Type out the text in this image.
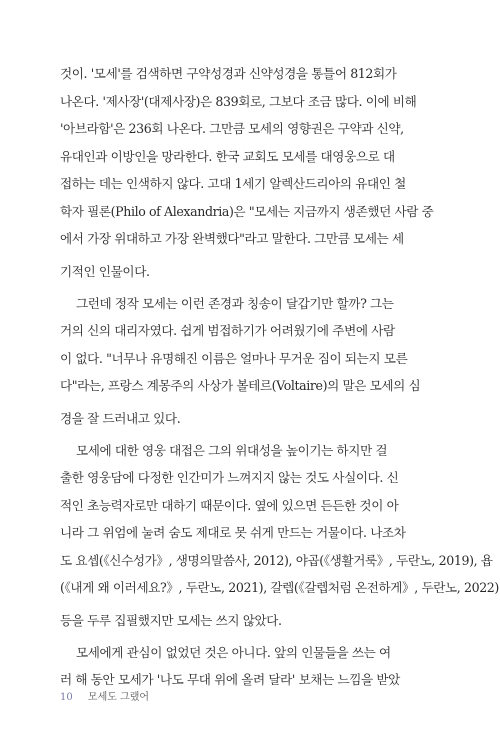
것이. '모세'를 검색하면 구약성경과 신약성경을 통틀어 812회가
나온다. '제사장'(대제사장)은 839회로, 그보다 조금 많다. 이에 비해
'아브라함'은 236회 나온다. 그만큼 모세의 영향권은 구약과 신약,
유대인과 이방인을 망라한다. 한국 교회도 모세를 대영웅으로 대
접하는 데는 인색하지 않다. 고대 1세기 알렉산드리아의 유대인 철
학자 필론(Philo of Alexandria)은 "모세는 지금까지 생존했던 사람 중
에서 가장 위대하고 가장 완벽했다"라고 말한다. 그만큼 모세는 세
기적인 인물이다.
그런데 정작 모세는 이런 존경과 칭송이 달갑기만 할까? 그는
거의 신의 대리자였다. 쉽게 범접하기가 어려웠기에 주변에 사람
이 없다. "너무나 유명해진 이름은 얼마나 무거운 짐이 되는지 모른
다"라는, 프랑스 계몽주의 사상가 볼테르(Voltaire)의 말은 모세의 심
경을 잘 드러내고 있다.
모세에 대한 영웅 대접은 그의 위대성을 높이기는 하지만 걸
출한 영웅담에 다정한 인간미가 느껴지지 않는 것도 사실이다. 신
적인 초능력자로만 대하기 때문이다. 옆에 있으면 든든한 것이 아
니라 그 위엄에 눌려 숨도 제대로 못 쉬게 만드는 거물이다. 나조차
도 요셉(《신수성가》, 생명의말씀사, 2012), 야곱(《생활거룩》, 두란노, 2019), 욥
(《내게 왜 이러세요?》, 두란노, 2021), 갈렙(《갈렙처럼 온전하게》, 두란노, 2022)
등을 두루 집필했지만 모세는 쓰지 않았다.
모세에게 관심이 없었던 것은 아니다. 앞의 인물들을 쓰는 여
러 해 동안 모세가 '나도 무대 위에 올려 달라' 보채는 느낌을 받았
10 모세도 그랬어
